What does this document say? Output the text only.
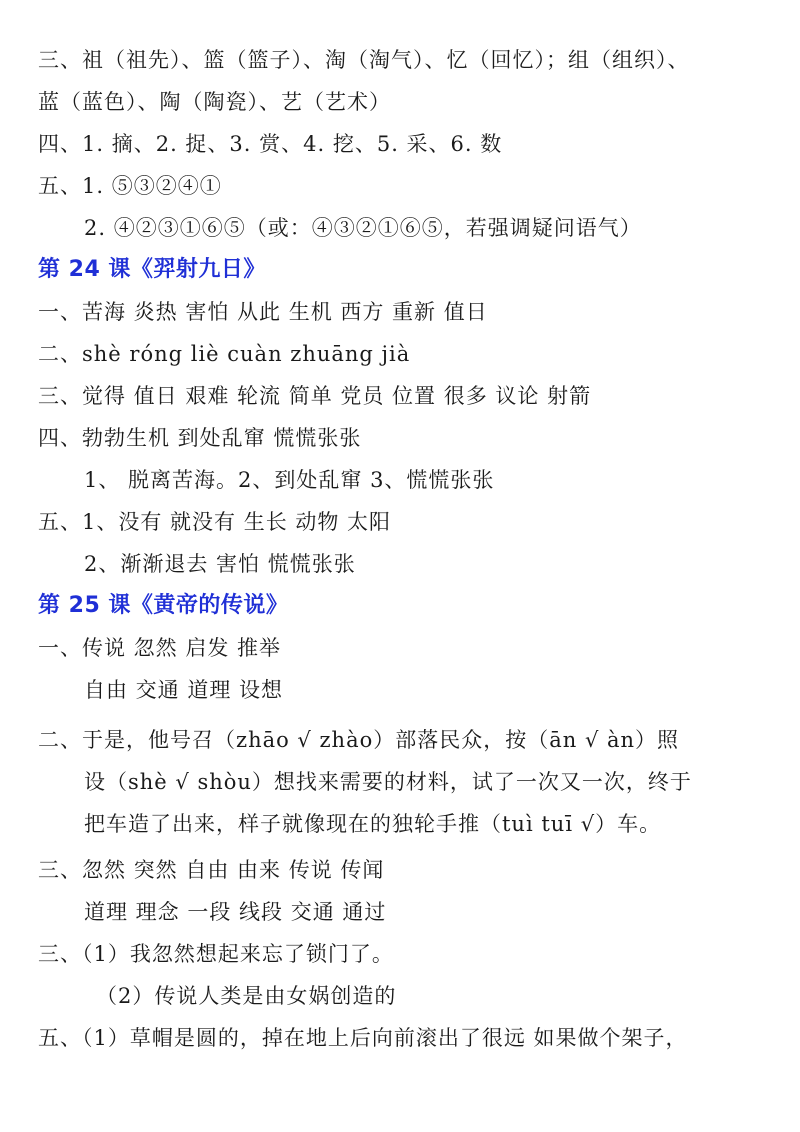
三、祖（祖先）、篮（篮子）、淘（淘气）、忆（回忆）；组（组织）、
蓝（蓝色）、陶（陶瓷）、艺（艺术）
四、1. 摘、2. 捉、3. 赏、4. 挖、5. 采、6. 数
五、1. ⑤③②④①
2. ④②③①⑥⑤（或：④③②①⑥⑤，若强调疑问语气）
第 24 课《羿射九日》
一、苦海 炎热 害怕 从此 生机 西方 重新 值日
二、shè róng liè cuàn zhuāng jià
三、觉得 值日 艰难 轮流 简单 党员 位置 很多 议论 射箭
四、勃勃生机 到处乱窜 慌慌张张
1、 脱离苦海。2、到处乱窜 3、慌慌张张
五、1、没有 就没有 生长 动物 太阳
2、渐渐退去 害怕 慌慌张张
第 25 课《黄帝的传说》
一、传说 忽然 启发 推举
自由 交通 道理 设想
二、于是，他号召（zhāo √ zhào）部落民众，按（ān √ àn）照
设（shè √ shòu）想找来需要的材料，试了一次又一次，终于
把车造了出来，样子就像现在的独轮手推（tuì tuī √）车。
三、忽然 突然 自由 由来 传说 传闻
道理 理念 一段 线段 交通 通过
三、（1）我忽然想起来忘了锁门了。
（2）传说人类是由女娲创造的
五、（1）草帽是圆的，掉在地上后向前滚出了很远 如果做个架子，
